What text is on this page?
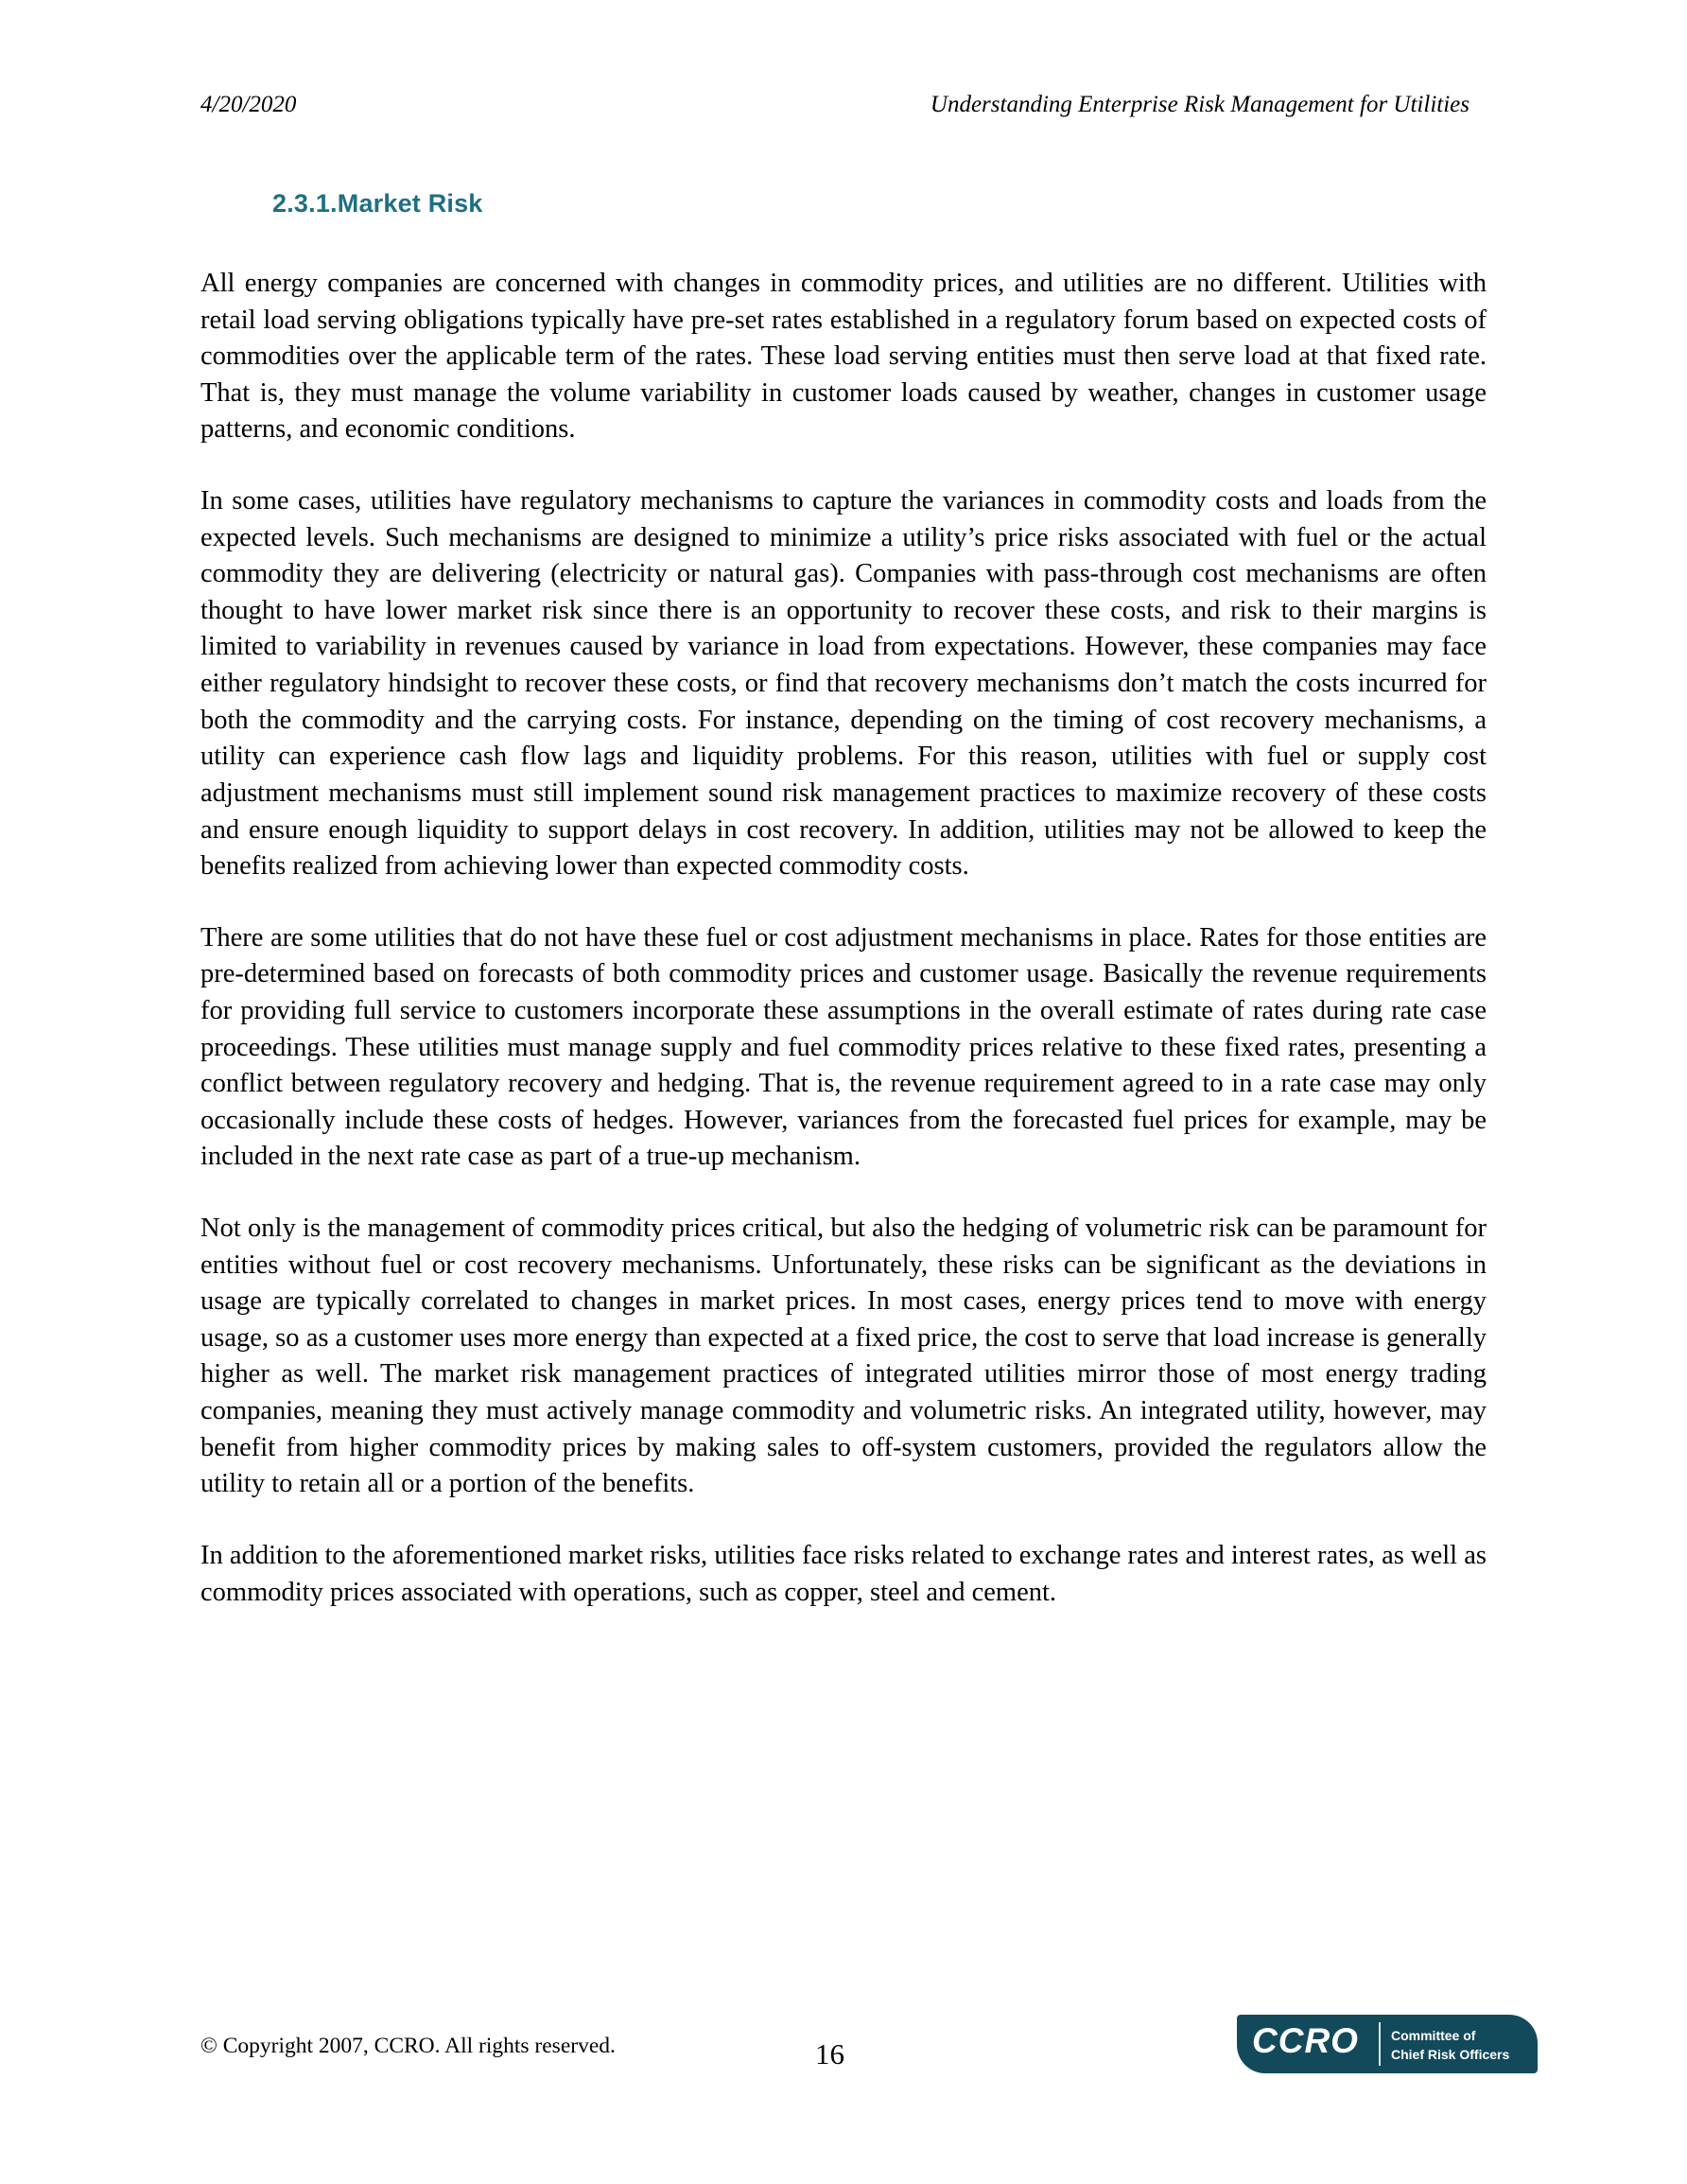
4/20/2020	Understanding Enterprise Risk Management for Utilities
2.3.1.Market Risk

All energy companies are concerned with changes in commodity prices, and utilities are no different. Utilities with retail load serving obligations typically have pre-set rates established in a regulatory forum based on expected costs of commodities over the applicable term of the rates. These load serving entities must then serve load at that fixed rate. That is, they must manage the volume variability in customer loads caused by weather, changes in customer usage patterns, and economic conditions.

In some cases, utilities have regulatory mechanisms to capture the variances in commodity costs and loads from the expected levels. Such mechanisms are designed to minimize a utility’s price risks associated with fuel or the actual commodity they are delivering (electricity or natural gas). Companies with pass-through cost mechanisms are often thought to have lower market risk since there is an opportunity to recover these costs, and risk to their margins is limited to variability in revenues caused by variance in load from expectations. However, these companies may face either regulatory hindsight to recover these costs, or find that recovery mechanisms don’t match the costs incurred for both the commodity and the carrying costs. For instance, depending on the timing of cost recovery mechanisms, a utility can experience cash flow lags and liquidity problems. For this reason, utilities with fuel or supply cost adjustment mechanisms must still implement sound risk management practices to maximize recovery of these costs and ensure enough liquidity to support delays in cost recovery. In addition, utilities may not be allowed to keep the benefits realized from achieving lower than expected commodity costs.

There are some utilities that do not have these fuel or cost adjustment mechanisms in place. Rates for those entities are pre-determined based on forecasts of both commodity prices and customer usage. Basically the revenue requirements for providing full service to customers incorporate these assumptions in the overall estimate of rates during rate case proceedings. These utilities must manage supply and fuel commodity prices relative to these fixed rates, presenting a conflict between regulatory recovery and hedging. That is, the revenue requirement agreed to in a rate case may only occasionally include these costs of hedges. However, variances from the forecasted fuel prices for example, may be included in the next rate case as part of a true-up mechanism.

Not only is the management of commodity prices critical, but also the hedging of volumetric risk can be paramount for entities without fuel or cost recovery mechanisms. Unfortunately, these risks can be significant as the deviations in usage are typically correlated to changes in market prices. In most cases, energy prices tend to move with energy usage, so as a customer uses more energy than expected at a fixed price, the cost to serve that load increase is generally higher as well. The market risk management practices of integrated utilities mirror those of most energy trading companies, meaning they must actively manage commodity and volumetric risks. An integrated utility, however, may benefit from higher commodity prices by making sales to off-system customers, provided the regulators allow the utility to retain all or a portion of the benefits.

In addition to the aforementioned market risks, utilities face risks related to exchange rates and interest rates, as well as commodity prices associated with operations, such as copper, steel and cement.

© Copyright 2007, CCRO. All rights reserved.	16	CCRO Committee of
Chief Risk Officers
